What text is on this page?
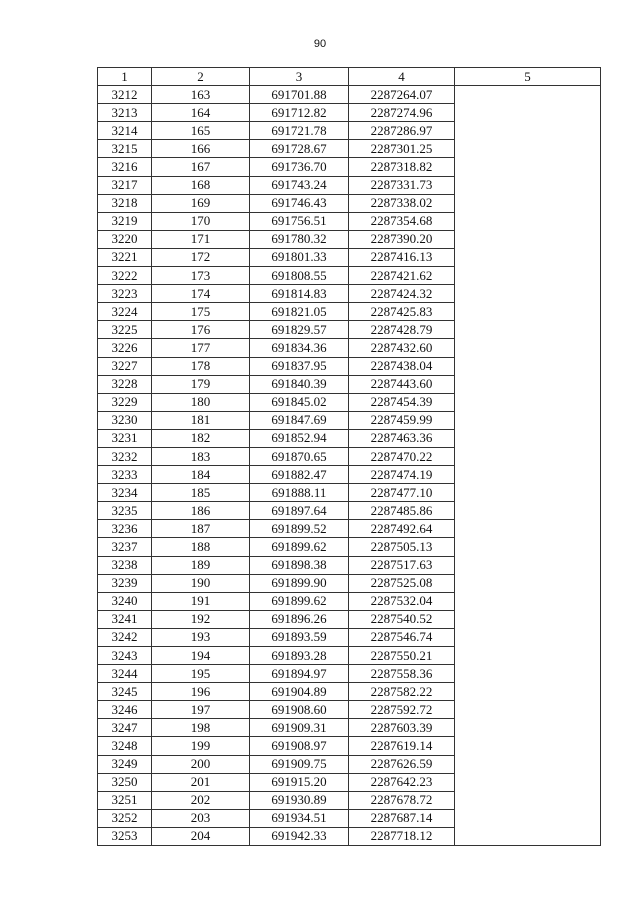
90
1	2	3	4	5
3212	163	691701.88	2287264.07	
3213	164	691712.82	2287274.96	
3214	165	691721.78	2287286.97	
3215	166	691728.67	2287301.25	
3216	167	691736.70	2287318.82	
3217	168	691743.24	2287331.73	
3218	169	691746.43	2287338.02	
3219	170	691756.51	2287354.68	
3220	171	691780.32	2287390.20	
3221	172	691801.33	2287416.13	
3222	173	691808.55	2287421.62	
3223	174	691814.83	2287424.32	
3224	175	691821.05	2287425.83	
3225	176	691829.57	2287428.79	
3226	177	691834.36	2287432.60	
3227	178	691837.95	2287438.04	
3228	179	691840.39	2287443.60	
3229	180	691845.02	2287454.39	
3230	181	691847.69	2287459.99	
3231	182	691852.94	2287463.36	
3232	183	691870.65	2287470.22	
3233	184	691882.47	2287474.19	
3234	185	691888.11	2287477.10	
3235	186	691897.64	2287485.86	
3236	187	691899.52	2287492.64	
3237	188	691899.62	2287505.13	
3238	189	691898.38	2287517.63	
3239	190	691899.90	2287525.08	
3240	191	691899.62	2287532.04	
3241	192	691896.26	2287540.52	
3242	193	691893.59	2287546.74	
3243	194	691893.28	2287550.21	
3244	195	691894.97	2287558.36	
3245	196	691904.89	2287582.22	
3246	197	691908.60	2287592.72	
3247	198	691909.31	2287603.39	
3248	199	691908.97	2287619.14	
3249	200	691909.75	2287626.59	
3250	201	691915.20	2287642.23	
3251	202	691930.89	2287678.72	
3252	203	691934.51	2287687.14	
3253	204	691942.33	2287718.12	
